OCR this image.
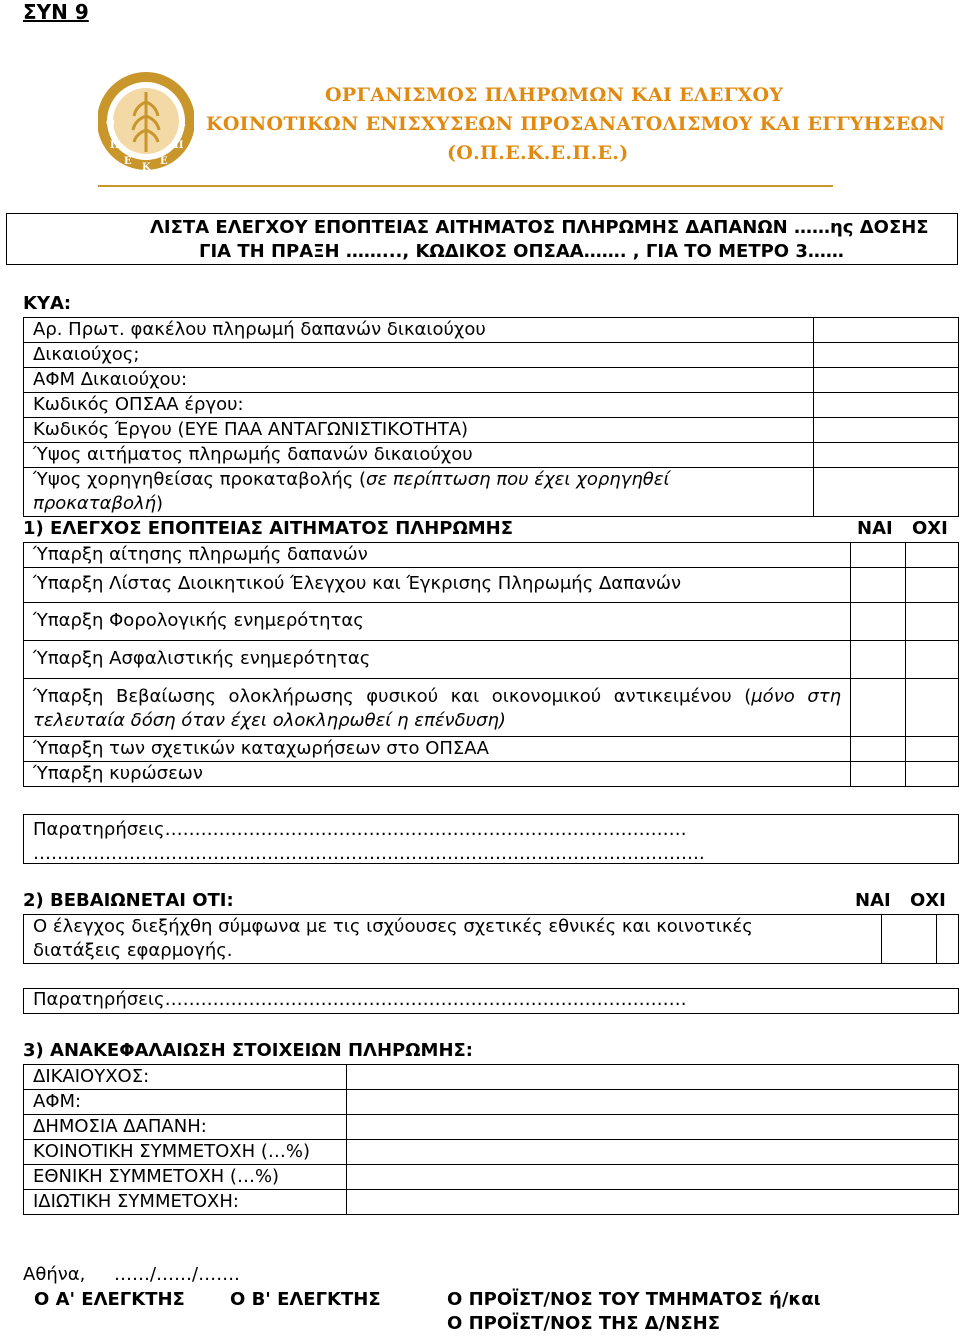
ΣΥΝ 9
Ο
Π
Ε
Κ
Ε
Π
Ε
ΟΡΓΑΝΙΣΜΟΣ ΠΛΗΡΩΜΩΝ ΚΑΙ ΕΛΕΓΧΟΥ
ΚΟΙΝΟΤΙΚΩΝ ΕΝΙΣΧΥΣΕΩΝ ΠΡΟΣΑΝΑΤΟΛΙΣΜΟΥ ΚΑΙ ΕΓΓΥΗΣΕΩΝ
(Ο.Π.Ε.Κ.Ε.Π.Ε.)
ΛΙΣΤΑ ΕΛΕΓΧΟΥ ΕΠΟΠΤΕΙΑΣ ΑΙΤΗΜΑΤΟΣ ΠΛΗΡΩΜΗΣ ΔΑΠΑΝΩΝ ……ης ΔΟΣΗΣ
ΓΙΑ ΤΗ ΠΡΑΞΗ ……..., ΚΩΔΙΚΟΣ ΟΠΣΑΑ……. , ΓΙΑ ΤΟ ΜΕΤΡΟ 3……
ΚΥΑ:
Αρ. Πρωτ. φακέλου πληρωμή δαπανών δικαιούχου	
Δικαιούχος;	
ΑΦΜ Δικαιούχου:	
Κωδικός ΟΠΣΑΑ έργου:	
Κωδικός Έργου (ΕΥΕ ΠΑΑ ΑΝΤΑΓΩΝΙΣΤΙΚΟΤΗΤΑ)	
Ύψος αιτήματος πληρωμής δαπανών δικαιούχου	
Ύψος χορηγηθείσας προκαταβολής (σε περίπτωση που έχει χορηγηθεί προκαταβολή)	
1) ΕΛΕΓΧΟΣ ΕΠΟΠΤΕΙΑΣ ΑΙΤΗΜΑΤΟΣ ΠΛΗΡΩΜΗΣ	ΝΑΙ ΟΧΙ
Ύπαρξη αίτησης πληρωμής δαπανών		
Ύπαρξη Λίστας Διοικητικού Έλεγχου και Έγκρισης Πληρωμής Δαπανών		
Ύπαρξη Φορολογικής ενημερότητας		
Ύπαρξη Ασφαλιστικής ενημερότητας		
Ύπαρξη Βεβαίωσης ολοκλήρωσης φυσικού και οικονομικού αντικειμένου (μόνο στη τελευταία δόση όταν έχει ολοκληρωθεί η επένδυση)		
Ύπαρξη των σχετικών καταχωρήσεων στο ΟΠΣΑΑ		
Ύπαρξη κυρώσεων		
Παρατηρήσεις……………………………………………………………………………
………………………………………………………………………………………………….
2) ΒΕΒΑΙΩΝΕΤΑΙ ΟΤΙ:	ΝΑΙ ΟΧΙ
Ο έλεγχος διεξήχθη σύμφωνα με τις ισχύουσες σχετικές εθνικές και κοινοτικές διατάξεις εφαρμογής.		
Παρατηρήσεις……………………………………………………………………………
3) ΑΝΑΚΕΦΑΛΑΙΩΣΗ ΣΤΟΙΧΕΙΩΝ ΠΛΗΡΩΜΗΣ:
ΔΙΚΑΙΟΥΧΟΣ:	
ΑΦΜ:	
ΔΗΜΟΣΙΑ ΔΑΠΑΝΗ:	
ΚΟΙΝΟΤΙΚΗ ΣΥΜΜΕΤΟΧΗ (…%)	
ΕΘΝΙΚΗ ΣΥΜΜΕΤΟΧΗ (…%)	
ΙΔΙΩΤΙΚΗ ΣΥΜΜΕΤΟΧΗ:	
Αθήνα,     ……/……/…….
Ο Α' ΕΛΕΓΚΤΗΣ	Ο Β' ΕΛΕΓΚΤΗΣ	Ο ΠΡΟΪΣΤ/ΝΟΣ ΤΟΥ ΤΜΗΜΑΤΟΣ ή/και
Ο ΠΡΟΪΣΤ/ΝΟΣ ΤΗΣ Δ/ΝΣΗΣ
